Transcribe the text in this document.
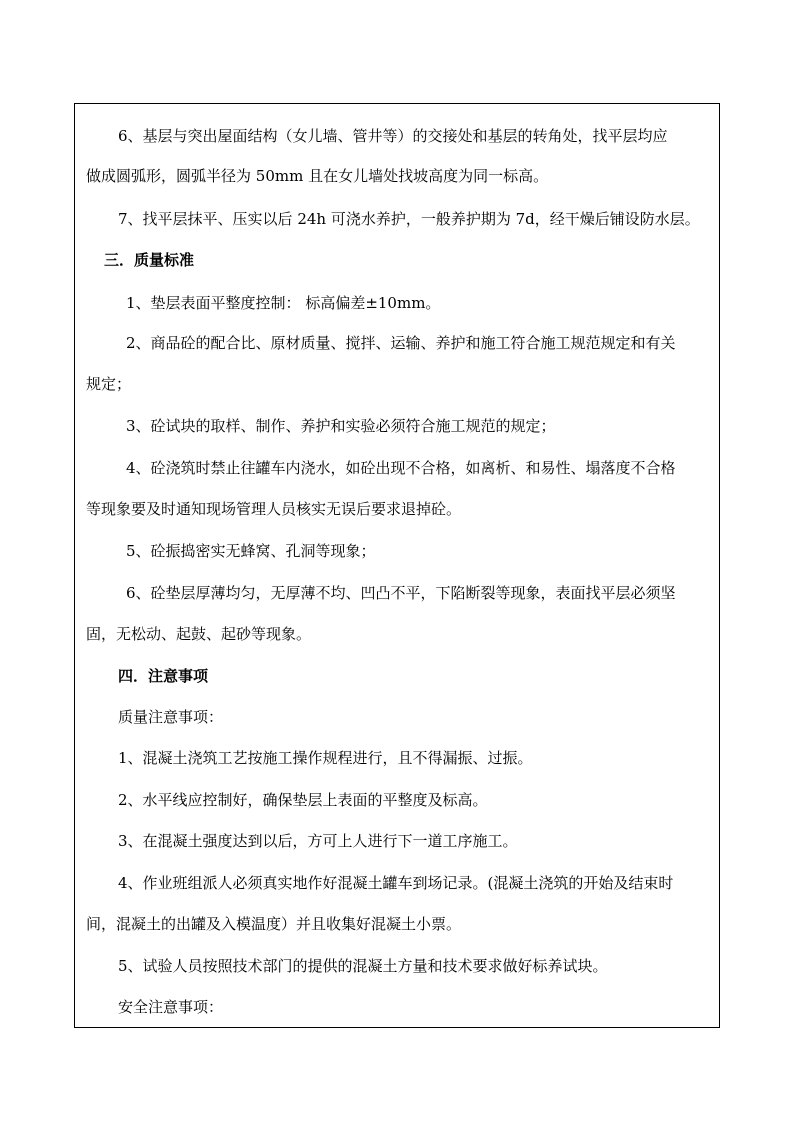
6、基层与突出屋面结构（女儿墙、管井等）的交接处和基层的转角处，找平层均应
做成圆弧形，圆弧半径为 50mm 且在女儿墙处找坡高度为同一标高。
7、找平层抹平、压实以后 24h 可浇水养护，一般养护期为 7d，经干燥后铺设防水层。
三．质量标准
1、垫层表面平整度控制： 标高偏差±10mm。
2、商品砼的配合比、原材质量、搅拌、运输、养护和施工符合施工规范规定和有关
规定；
3、砼试块的取样、制作、养护和实验必须符合施工规范的规定；
4、砼浇筑时禁止往罐车内浇水，如砼出现不合格，如离析、和易性、塌落度不合格
等现象要及时通知现场管理人员核实无误后要求退掉砼。
5、砼振捣密实无蜂窝、孔洞等现象；
6、砼垫层厚薄均匀，无厚薄不均、凹凸不平，下陷断裂等现象，表面找平层必须坚
固，无松动、起鼓、起砂等现象。
四．注意事项
质量注意事项：
1、混凝土浇筑工艺按施工操作规程进行，且不得漏振、过振。
2、水平线应控制好，确保垫层上表面的平整度及标高。
3、在混凝土强度达到以后，方可上人进行下一道工序施工。
4、作业班组派人必须真实地作好混凝土罐车到场记录。(混凝土浇筑的开始及结束时
间，混凝土的出罐及入模温度）并且收集好混凝土小票。
5、试验人员按照技术部门的提供的混凝土方量和技术要求做好标养试块。
安全注意事项：
